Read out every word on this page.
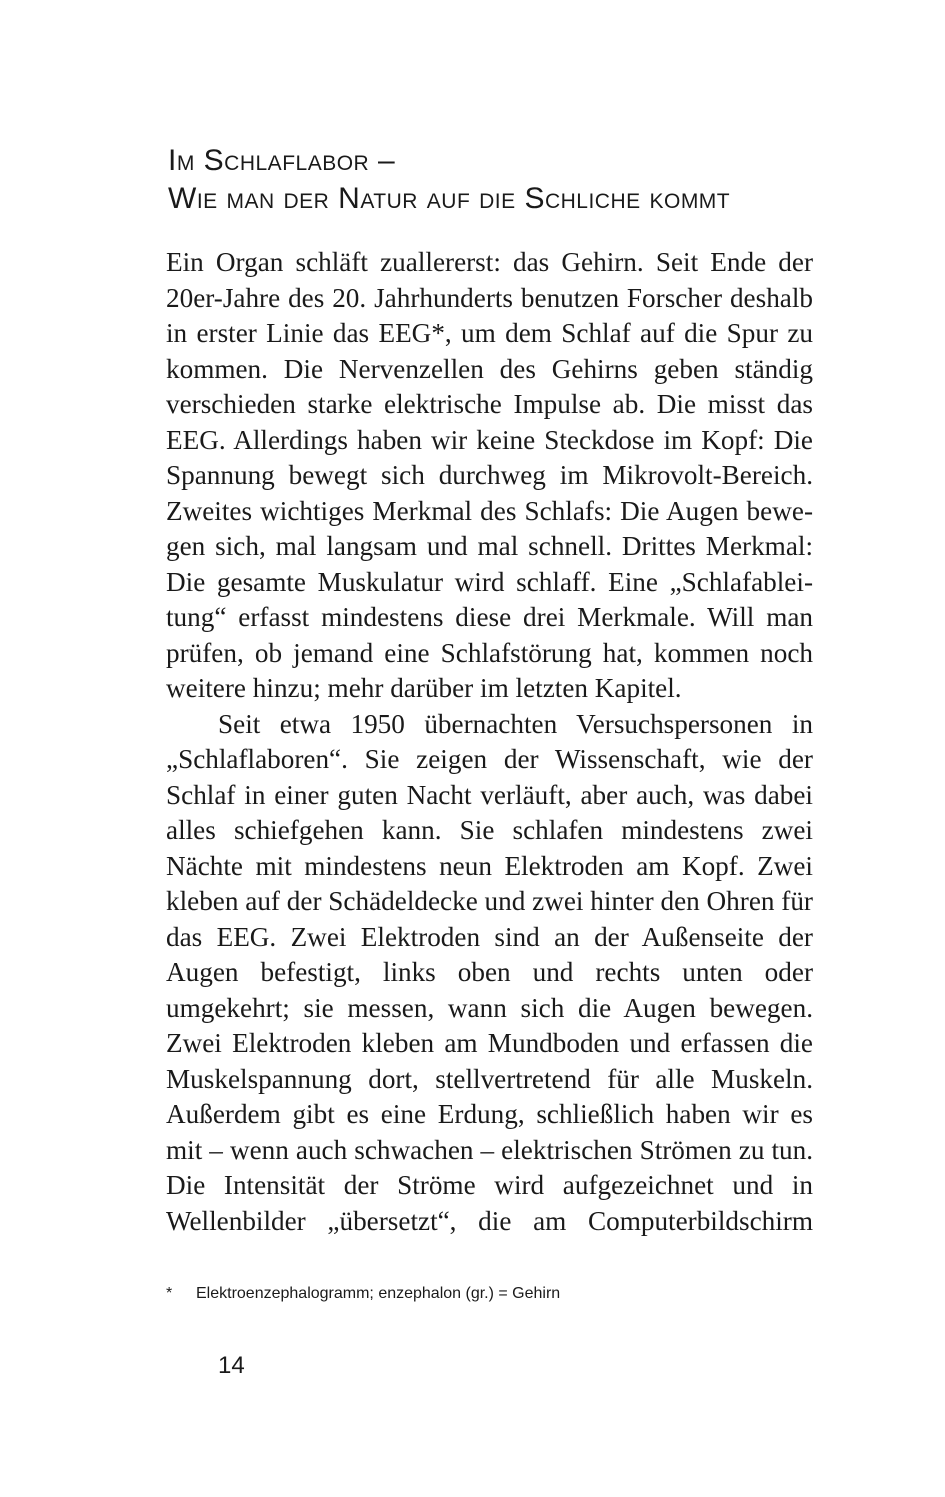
Im Schlaflabor –
Wie man der Natur auf die Schliche kommt

Ein Organ schläft zuallererst: das Gehirn. Seit Ende der 20er-Jahre des 20. Jahrhunderts benutzen Forscher deshalb in erster Linie das EEG*, um dem Schlaf auf die Spur zu kommen. Die Nervenzellen des Gehirns geben ständig verschieden starke elektrische Impulse ab. Die misst das EEG. Allerdings haben wir keine Steckdose im Kopf: Die Spannung bewegt sich durchweg im Mikrovolt-Bereich. Zweites wichtiges Merkmal des Schlafs: Die Augen bewegen sich, mal langsam und mal schnell. Drittes Merkmal: Die gesamte Muskulatur wird schlaff. Eine „Schlafableitung“ erfasst mindestens diese drei Merkmale. Will man prüfen, ob jemand eine Schlafstörung hat, kommen noch weitere hinzu; mehr darüber im letzten Kapitel.

Seit etwa 1950 übernachten Versuchspersonen in „Schlaflaboren“. Sie zeigen der Wissenschaft, wie der Schlaf in einer guten Nacht verläuft, aber auch, was dabei alles schiefgehen kann. Sie schlafen mindestens zwei Nächte mit mindestens neun Elektroden am Kopf. Zwei kleben auf der Schädeldecke und zwei hinter den Ohren für das EEG. Zwei Elektroden sind an der Außenseite der Augen befestigt, links oben und rechts unten oder umgekehrt; sie messen, wann sich die Augen bewegen. Zwei Elektroden kleben am Mundboden und erfassen die Muskelspannung dort, stellvertretend für alle Muskeln. Außerdem gibt es eine Erdung, schließlich haben wir es mit – wenn auch schwachen – elektrischen Strömen zu tun. Die Intensität der Ströme wird aufgezeichnet und in Wellenbilder „übersetzt“, die am Computerbildschirm

* Elektroenzephalogramm; enzephalon (gr.) = Gehirn
14
